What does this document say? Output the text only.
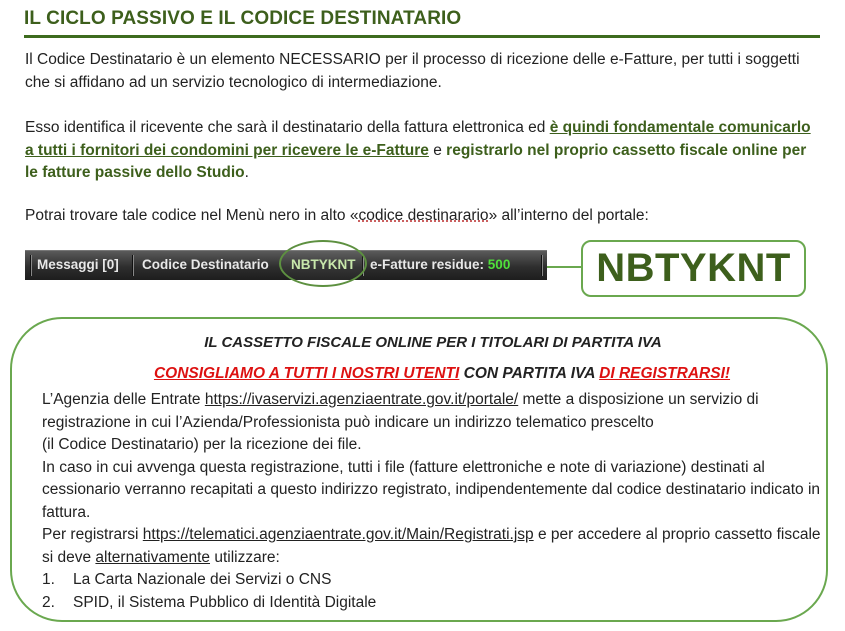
IL CICLO PASSIVO E IL CODICE DESTINATARIO
Il Codice Destinatario è un elemento NECESSARIO per il processo di ricezione delle e-Fatture, per tutti i soggetti che si affidano ad un servizio tecnologico di intermediazione.
Esso identifica il ricevente che sarà il destinatario della fattura elettronica ed è quindi fondamentale comunicarlo a tutti i fornitori dei condomini per ricevere le e-Fatture e registrarlo nel proprio cassetto fiscale online per le fatture passive dello Studio.
Potrai trovare tale codice nel Menù nero in alto «codice destinarario» all’interno del portale:
Messaggi [0] Codice Destinatario NBTYKNT e-Fatture residue: 500	NBTYKNT
IL CASSETTO FISCALE ONLINE PER I TITOLARI DI PARTITA IVA
CONSIGLIAMO A TUTTI I NOSTRI UTENTI CON PARTITA IVA DI REGISTRARSI!
L’Agenzia delle Entrate https://ivaservizi.agenziaentrate.gov.it/portale/ mette a disposizione un servizio di registrazione in cui l’Azienda/Professionista può indicare un indirizzo telematico prescelto
(il Codice Destinatario) per la ricezione dei file.
In caso in cui avvenga questa registrazione, tutti i file (fatture elettroniche e note di variazione) destinati al cessionario verranno recapitati a questo indirizzo registrato, indipendentemente dal codice destinatario indicato in fattura.
Per registrarsi https://telematici.agenziaentrate.gov.it/Main/Registrati.jsp e per accedere al proprio cassetto fiscale si deve alternativamente utilizzare:
1. La Carta Nazionale dei Servizi o CNS
2. SPID, il Sistema Pubblico di Identità Digitale
